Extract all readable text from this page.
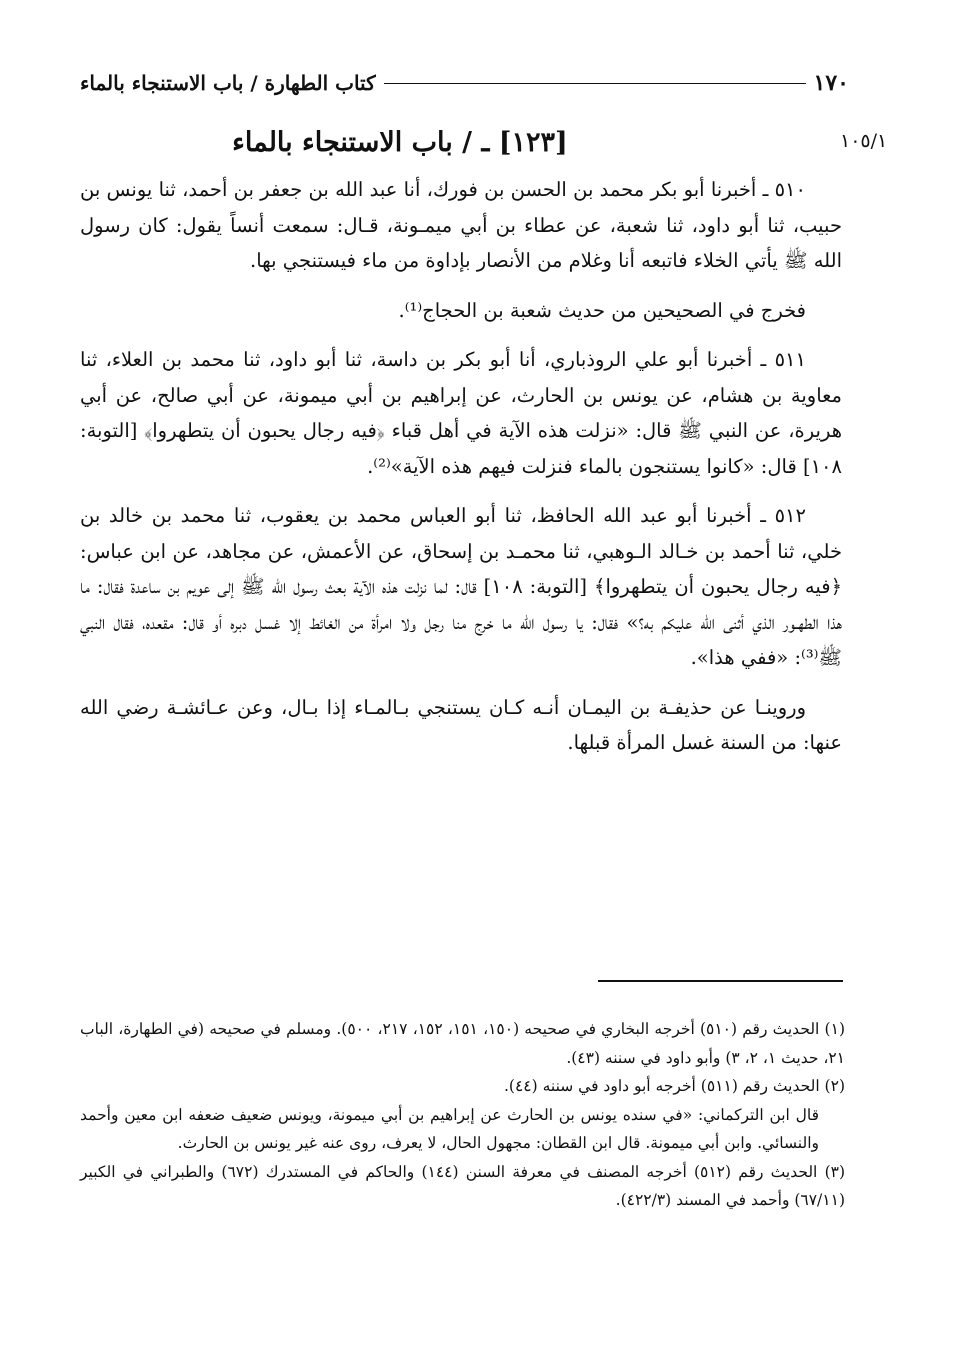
١٧٠
كتاب الطهارة / باب الاستنجاء بالماء
١٠٥/١
[١٢٣] ـ / باب الاستنجاء بالماء

٥١٠ ـ أخبرنا أبو بكر محمد بن الحسن بن فورك، أنا عبد الله بن جعفر بن أحمد، ثنا يونس بن حبيب، ثنا أبو داود، ثنا شعبة، عن عطاء بن أبي ميمـونة، قـال: سمعت أنساً يقول: كان رسول الله ﷺ يأتي الخلاء فاتبعه أنا وغلام من الأنصار بإداوة من ماء فيستنجي بها.

فخرج في الصحيحين من حديث شعبة بن الحجاج⁽¹⁾.

٥١١ ـ أخبرنا أبو علي الروذباري، أنا أبو بكر بن داسة، ثنا أبو داود، ثنا محمد بن العلاء، ثنا معاوية بن هشام، عن يونس بن الحارث، عن إبراهيم بن أبي ميمونة، عن أبي صالح، عن أبي هريرة، عن النبي ﷺ قال: «نزلت هذه الآية في أهل قباء ﴿فيه رجال يحبون أن يتطهروا﴾ [التوبة: ١٠٨] قال: «كانوا يستنجون بالماء فنزلت فيهم هذه الآية»⁽²⁾.

٥١٢ ـ أخبرنا أبو عبد الله الحافظ، ثنا أبو العباس محمد بن يعقوب، ثنا محمد بن خالد بن خلي، ثنا أحمد بن خـالد الـوهبي، ثنا محمـد بن إسحاق، عن الأعمش، عن مجاهد، عن ابن عباس: ﴿فيه رجال يحبون أن يتطهروا﴾ [التوبة: ١٠٨] قال: لما نزلت هذه الآية بعث رسول الله ﷺ إلى عويم بن ساعدة فقال: ما هذا الطهـور الذي أثنى الله عليكم به؟» فقال: يا رسول الله ما خرج منا رجل ولا امرأة من الغائط إلا غسل دبره أو قال: مقعده، فقال النبي ﷺ⁽³⁾: «ففي هذا».

وروينـا عن حذيفـة بن اليمـان أنـه كـان يستنجي بـالمـاء إذا بـال، وعن عـائشـة رضي الله عنها: من السنة غسل المرأة قبلها.

(١) الحديث رقم (٥١٠) أخرجه البخاري في صحيحه (١٥٠، ١٥١، ١٥٢، ٢١٧، ٥٠٠). ومسلم في صحيحه (في الطهارة، الباب ٢١، حديث ١، ٢، ٣) وأبو داود في سننه (٤٣).

(٢) الحديث رقم (٥١١) أخرجه أبو داود في سننه (٤٤).

قال ابن التركماني: «في سنده يونس بن الحارث عن إبراهيم بن أبي ميمونة، ويونس ضعيف ضعفه ابن معين وأحمد والنسائي. وابن أبي ميمونة. قال ابن القطان: مجهول الحال، لا يعرف، روى عنه غير يونس بن الحارث.

(٣) الحديث رقم (٥١٢) أخرجه المصنف في معرفة السنن (١٤٤) والحاكم في المستدرك (٦٧٢) والطبراني في الكبير (٦٧/١١) وأحمد في المسند (٤٢٢/٣).
